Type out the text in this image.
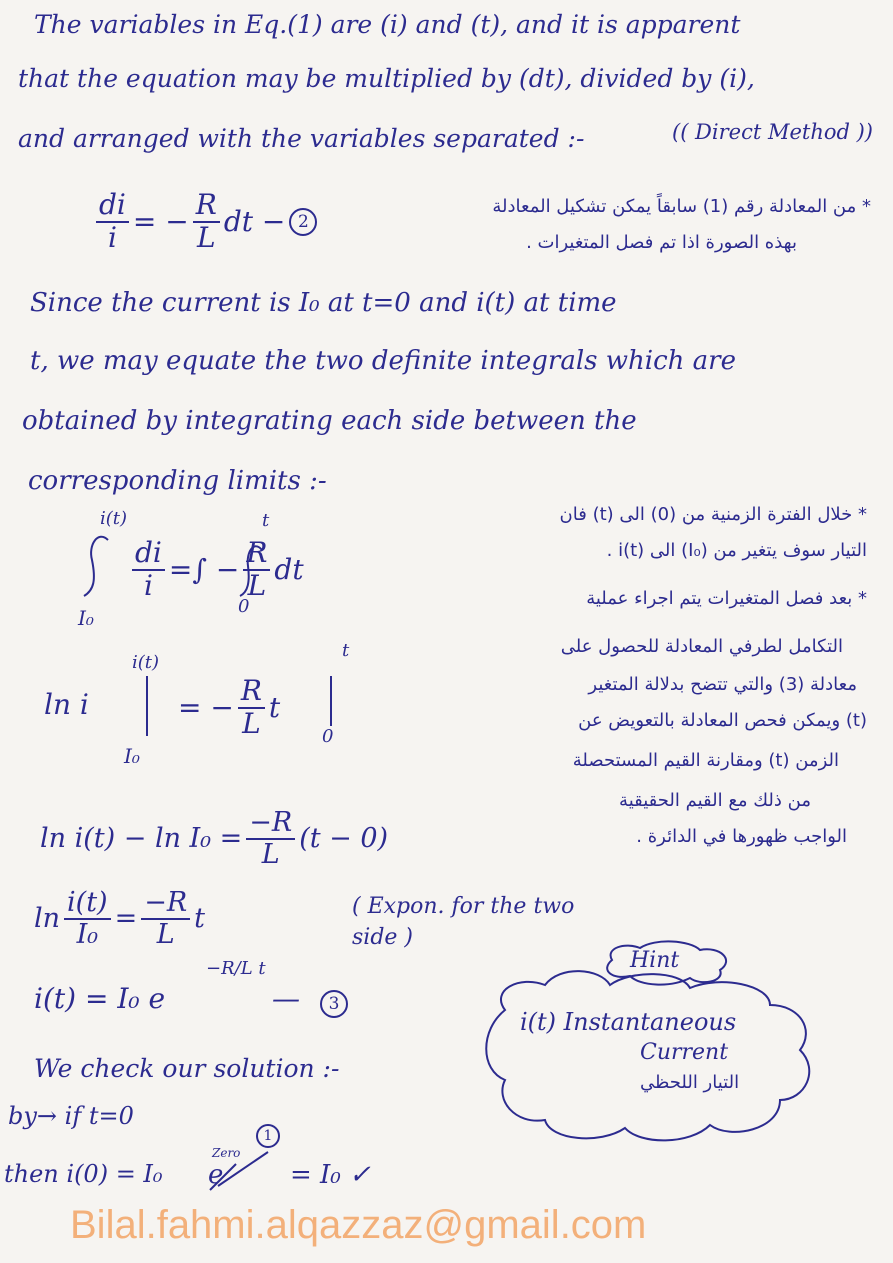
The variables in Eq.(1) are (i) and (t), and it is apparent
that the equation may be multiplied by (dt), divided by (i),
and arranged with the variables separated :-	(( Direct Method ))
$\frac{di}{i}$ = − $\frac{R}{L}$ dt − 2
* من المعادلة رقم (1) سابقاً يمكن تشكيل المعادلة
بهذه الصورة اذا تم فصل المتغيرات .
Since the current is I₀ at t=0 and i(t) at time
t, we may equate the two definite integrals which are
obtained by integrating each side between the
corresponding limits :-
i(t)
I₀
$\frac{di}{i}$ =∫ − $\frac{R}{L}$ dt
t
0
* خلال الفترة الزمنية من (0) الى (t) فان
التيار سوف يتغير من (I₀) الى i(t) .
* بعد فصل المتغيرات يتم اجراء عملية
التكامل لطرفي المعادلة للحصول على
معادلة (3) والتي تتضح بدلالة المتغير
(t) ويمكن فحص المعادلة بالتعويض عن
الزمن (t) ومقارنة القيم المستحصلة
من ذلك مع القيم الحقيقية
الواجب ظهورها في الدائرة .
ln i
i(t)
I₀
= − $\frac{R}{L}$ t
t
0
$\ln i(t) - \ln I_0 = \frac{-R}{L} (t - 0)$
$\ln \frac{i(t)}{\text{I₀}} = \frac{-R}{L}$ t	( Expon. for the two side )
i(t) = I₀ e
−R/L t
—	3
Hint
i(t) Instantaneous
Current
التيار اللحظي
We check our solution :-
by→ if t=0
then i(0) = I₀ e
Zero
1
= I₀ ✓
Bilal.fahmi.alqazzaz@gmail.com
